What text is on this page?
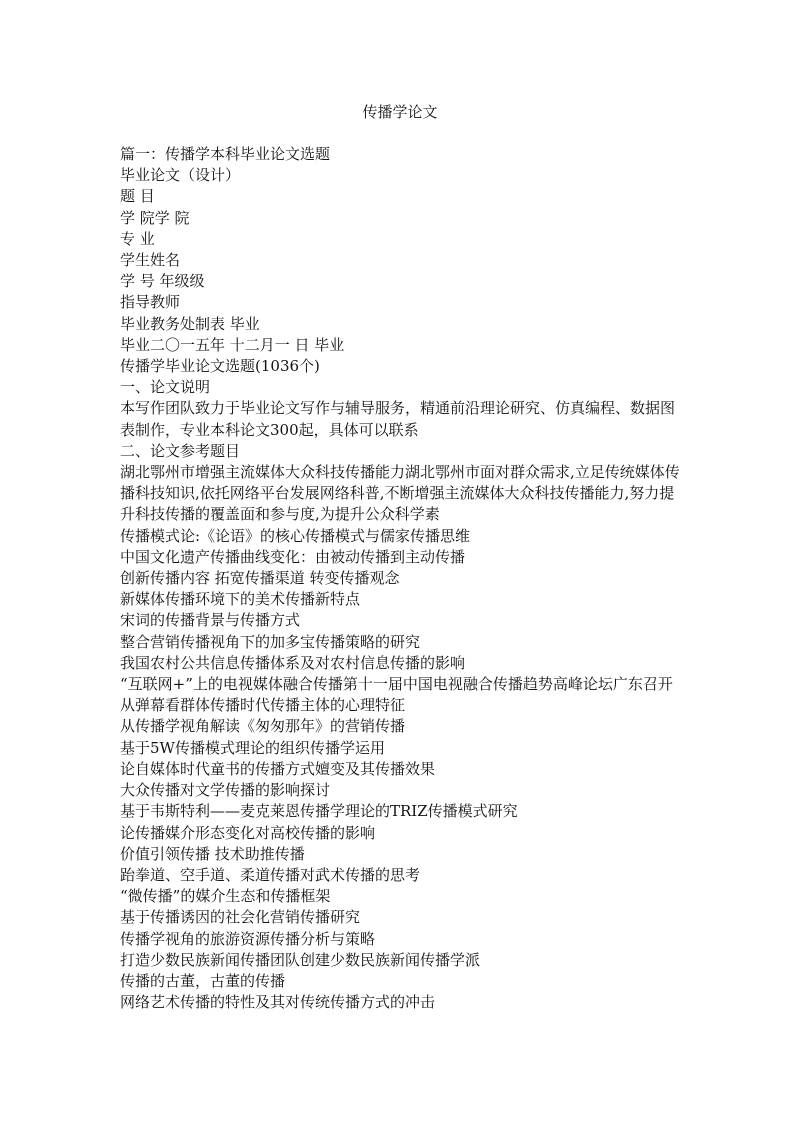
传播学论文

篇一：传播学本科毕业论文选题

毕业论文（设计）

题 目

学 院学 院

专 业

学生姓名

学 号 年级级

指导教师

毕业教务处制表 毕业

毕业二〇一五年 十二月一 日 毕业

传播学毕业论文选题(1036个)

一、论文说明

本写作团队致力于毕业论文写作与辅导服务，精通前沿理论研究、仿真编程、数据图表制作，专业本科论文300起，具体可以联系

二、论文参考题目

湖北鄂州市增强主流媒体大众科技传播能力湖北鄂州市面对群众需求,立足传统媒体传播科技知识,依托网络平台发展网络科普,不断增强主流媒体大众科技传播能力,努力提升科技传播的覆盖面和参与度,为提升公众科学素

传播模式论:《论语》的核心传播模式与儒家传播思维

中国文化遗产传播曲线变化：由被动传播到主动传播

创新传播内容 拓宽传播渠道 转变传播观念

新媒体传播环境下的美术传播新特点

宋词的传播背景与传播方式

整合营销传播视角下的加多宝传播策略的研究

我国农村公共信息传播体系及对农村信息传播的影响

“互联网+”上的电视媒体融合传播第十一届中国电视融合传播趋势高峰论坛广东召开

从弹幕看群体传播时代传播主体的心理特征

从传播学视角解读《匆匆那年》的营销传播

基于5W传播模式理论的组织传播学运用

论自媒体时代童书的传播方式嬗变及其传播效果

大众传播对文学传播的影响探讨

基于韦斯特利——麦克莱恩传播学理论的TRIZ传播模式研究

论传播媒介形态变化对高校传播的影响

价值引领传播 技术助推传播

跆拳道、空手道、柔道传播对武术传播的思考

“微传播”的媒介生态和传播框架

基于传播诱因的社会化营销传播研究

传播学视角的旅游资源传播分析与策略

打造少数民族新闻传播团队创建少数民族新闻传播学派

传播的古董，古董的传播

网络艺术传播的特性及其对传统传播方式的冲击
